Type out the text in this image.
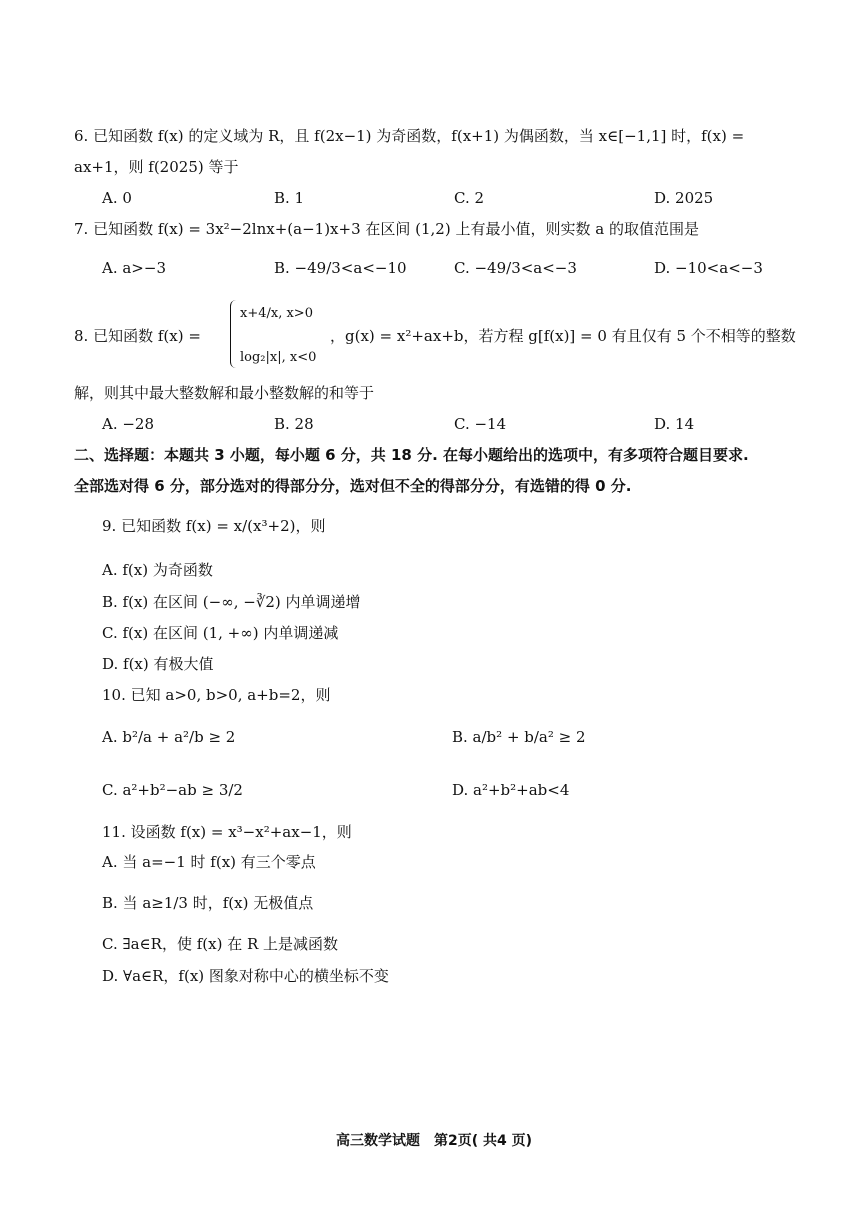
6. 已知函数 f(x) 的定义域为 R，且 f(2x−1) 为奇函数，f(x+1) 为偶函数，当 x∈[−1,1] 时，f(x) =
ax+1，则 f(2025) 等于
A. 0	B. 1	C. 2	D. 2025
7. 已知函数 f(x) = 3x²−2lnx+(a−1)x+3 在区间 (1,2) 上有最小值，则实数 a 的取值范围是
A. a>−3	B. −49/3<a<−10	C. −49/3<a<−3	D. −10<a<−3
8. 已知函数 f(x) =
x+4/x, x>0
log₂|x|, x<0
，g(x) = x²+ax+b，若方程 g[f(x)] = 0 有且仅有 5 个不相等的整数
解，则其中最大整数解和最小整数解的和等于
A. −28	B. 28	C. −14	D. 14
二、选择题：本题共 3 小题，每小题 6 分，共 18 分. 在每小题给出的选项中，有多项符合题目要求.
全部选对得 6 分，部分选对的得部分分，选对但不全的得部分分，有选错的得 0 分.
9. 已知函数 f(x) = x/(x³+2)，则
A. f(x) 为奇函数
B. f(x) 在区间 (−∞, −∛2) 内单调递增
C. f(x) 在区间 (1, +∞) 内单调递减
D. f(x) 有极大值
10. 已知 a>0, b>0, a+b=2，则
A. b²/a + a²/b ≥ 2	B. a/b² + b/a² ≥ 2
C. a²+b²−ab ≥ 3/2	D. a²+b²+ab<4
11. 设函数 f(x) = x³−x²+ax−1，则
A. 当 a=−1 时 f(x) 有三个零点
B. 当 a≥1/3 时，f(x) 无极值点
C. ∃a∈R，使 f(x) 在 R 上是减函数
D. ∀a∈R，f(x) 图象对称中心的横坐标不变
高三数学试题　第2页( 共4 页)
